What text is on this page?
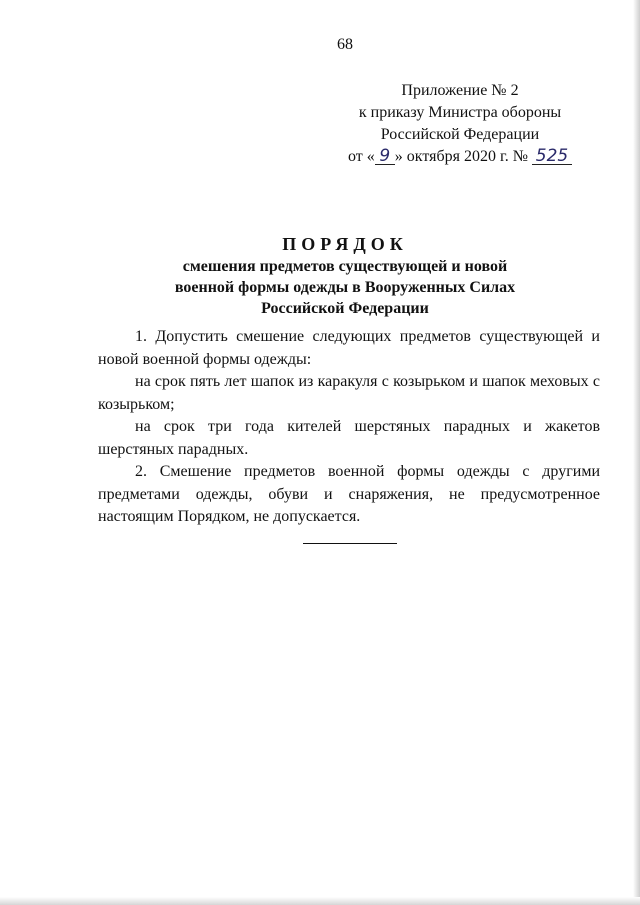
68
Приложение № 2
к приказу Министра обороны
Российской Федерации
от « 9 » октября 2020 г. № 525
ПОРЯДОК
смешения предметов существующей и новой
военной формы одежды в Вооруженных Силах
Российской Федерации

1. Допустить смешение следующих предметов существующей и новой военной формы одежды:

на срок пять лет шапок из каракуля с козырьком и шапок меховых с козырьком;

на срок три года кителей шерстяных парадных и жакетов шерстяных парадных.

2. Смешение предметов военной формы одежды с другими предметами одежды, обуви и снаряжения, не предусмотренное настоящим Порядком, не допускается.
